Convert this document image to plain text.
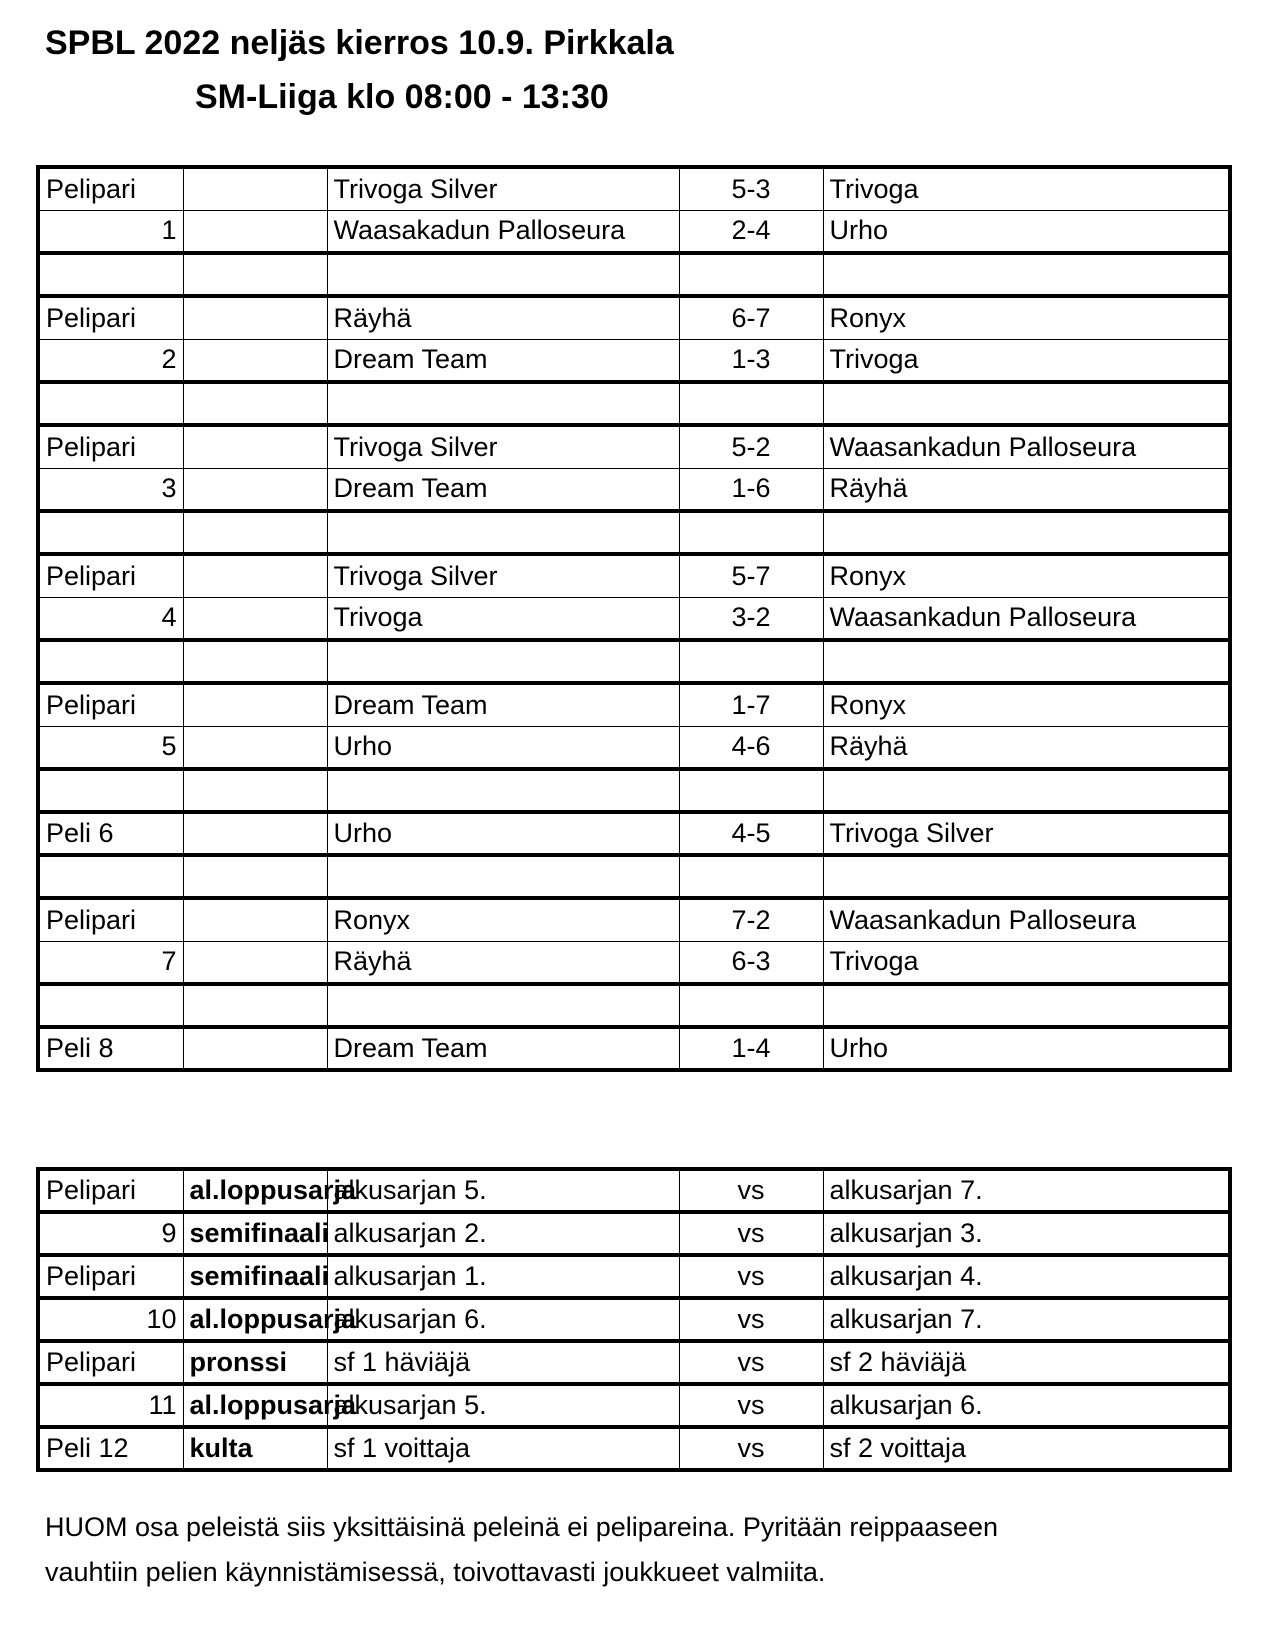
SPBL 2022 neljäs kierros 10.9. Pirkkala
SM-Liiga klo 08:00 - 13:30
Pelipari		Trivoga Silver	5-3	Trivoga
1		Waasakadun Palloseura	2-4	Urho

Pelipari		Räyhä	6-7	Ronyx
2		Dream Team	1-3	Trivoga

Pelipari		Trivoga Silver	5-2	Waasankadun Palloseura
3		Dream Team	1-6	Räyhä

Pelipari		Trivoga Silver	5-7	Ronyx
4		Trivoga	3-2	Waasankadun Palloseura

Pelipari		Dream Team	1-7	Ronyx
5		Urho	4-6	Räyhä

Peli 6		Urho	4-5	Trivoga Silver

Pelipari		Ronyx	7-2	Waasankadun Palloseura
7		Räyhä	6-3	Trivoga

Peli 8		Dream Team	1-4	Urho
Pelipari	al.loppusarja	alkusarjan 5.	vs	alkusarjan 7.
9	semifinaali	alkusarjan 2.	vs	alkusarjan 3.
Pelipari	semifinaali	alkusarjan 1.	vs	alkusarjan 4.
10	al.loppusarja	alkusarjan 6.	vs	alkusarjan 7.
Pelipari	pronssi	sf 1 häviäjä	vs	sf 2 häviäjä
11	al.loppusarja	alkusarjan 5.	vs	alkusarjan 6.
Peli 12	kulta	sf 1 voittaja	vs	sf 2 voittaja
HUOM osa peleistä siis yksittäisinä peleinä ei pelipareina. Pyritään reippaaseen
vauhtiin pelien käynnistämisessä, toivottavasti joukkueet valmiita.
